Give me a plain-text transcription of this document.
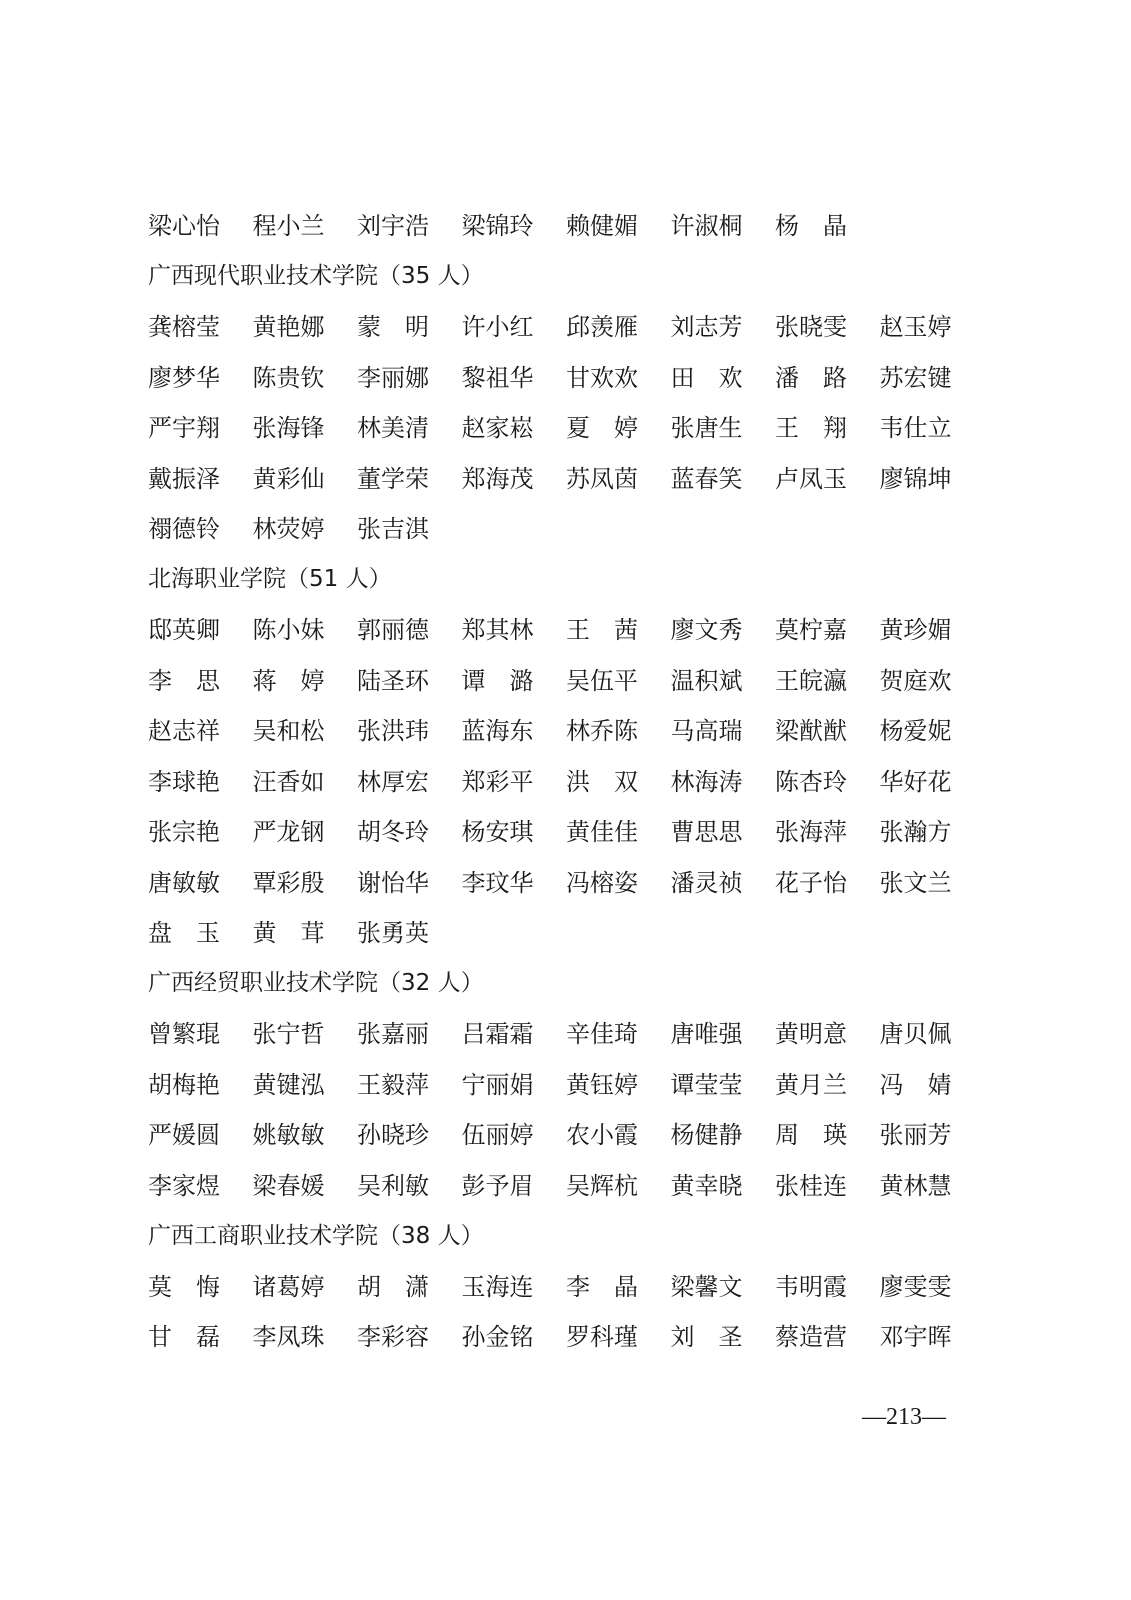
梁心怡	程小兰	刘宇浩	梁锦玲	赖健媚	许淑桐	杨　晶
广西现代职业技术学院（35 人）
龚榕莹	黄艳娜	蒙　明	许小红	邱羡雁	刘志芳	张晓雯	赵玉婷
廖梦华	陈贵钦	李丽娜	黎祖华	甘欢欢	田　欢	潘　路	苏宏键
严宇翔	张海锋	林美清	赵家崧	夏　婷	张唐生	王　翔	韦仕立
戴振泽	黄彩仙	董学荣	郑海茂	苏凤茵	蓝春笑	卢凤玉	廖锦坤
禤德铃	林荧婷	张吉淇
北海职业学院（51 人）
邸英卿	陈小妹	郭丽德	郑其林	王　茜	廖文秀	莫柠嘉	黄珍媚
李　思	蒋　婷	陆圣环	谭　潞	吴伍平	温积斌	王皖瀛	贺庭欢
赵志祥	吴和松	张洪玮	蓝海东	林乔陈	马高瑞	梁猷猷	杨爱妮
李球艳	汪香如	林厚宏	郑彩平	洪　双	林海涛	陈杏玲	华好花
张宗艳	严龙钢	胡冬玲	杨安琪	黄佳佳	曹思思	张海萍	张瀚方
唐敏敏	覃彩殷	谢怡华	李玟华	冯榕姿	潘灵祯	花子怡	张文兰
盘　玉	黄　茸	张勇英
广西经贸职业技术学院（32 人）
曾繁琨	张宁哲	张嘉丽	吕霜霜	辛佳琦	唐唯强	黄明意	唐贝佩
胡梅艳	黄键泓	王毅萍	宁丽娟	黄钰婷	谭莹莹	黄月兰	冯　婧
严媛圆	姚敏敏	孙晓珍	伍丽婷	农小霞	杨健静	周　瑛	张丽芳
李家煜	梁春媛	吴利敏	彭予眉	吴辉杭	黄幸晓	张桂连	黄林慧
广西工商职业技术学院（38 人）
莫　悔	诸葛婷	胡　潇	玉海连	李　晶	梁馨文	韦明霞	廖雯雯
甘　磊	李凤珠	李彩容	孙金铭	罗科瑾	刘　圣	蔡造营	邓宇晖
—213—
